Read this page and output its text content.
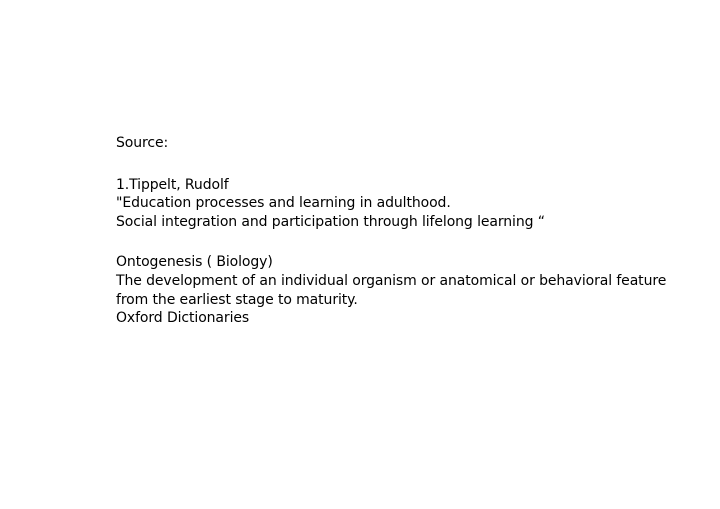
Source:
1.Tippelt, Rudolf
"Education processes and learning in adulthood.
Social integration and participation through lifelong learning “
Ontogenesis ( Biology)
The development of an individual organism or anatomical or behavioral feature
from the earliest stage to maturity.
Oxford Dictionaries
